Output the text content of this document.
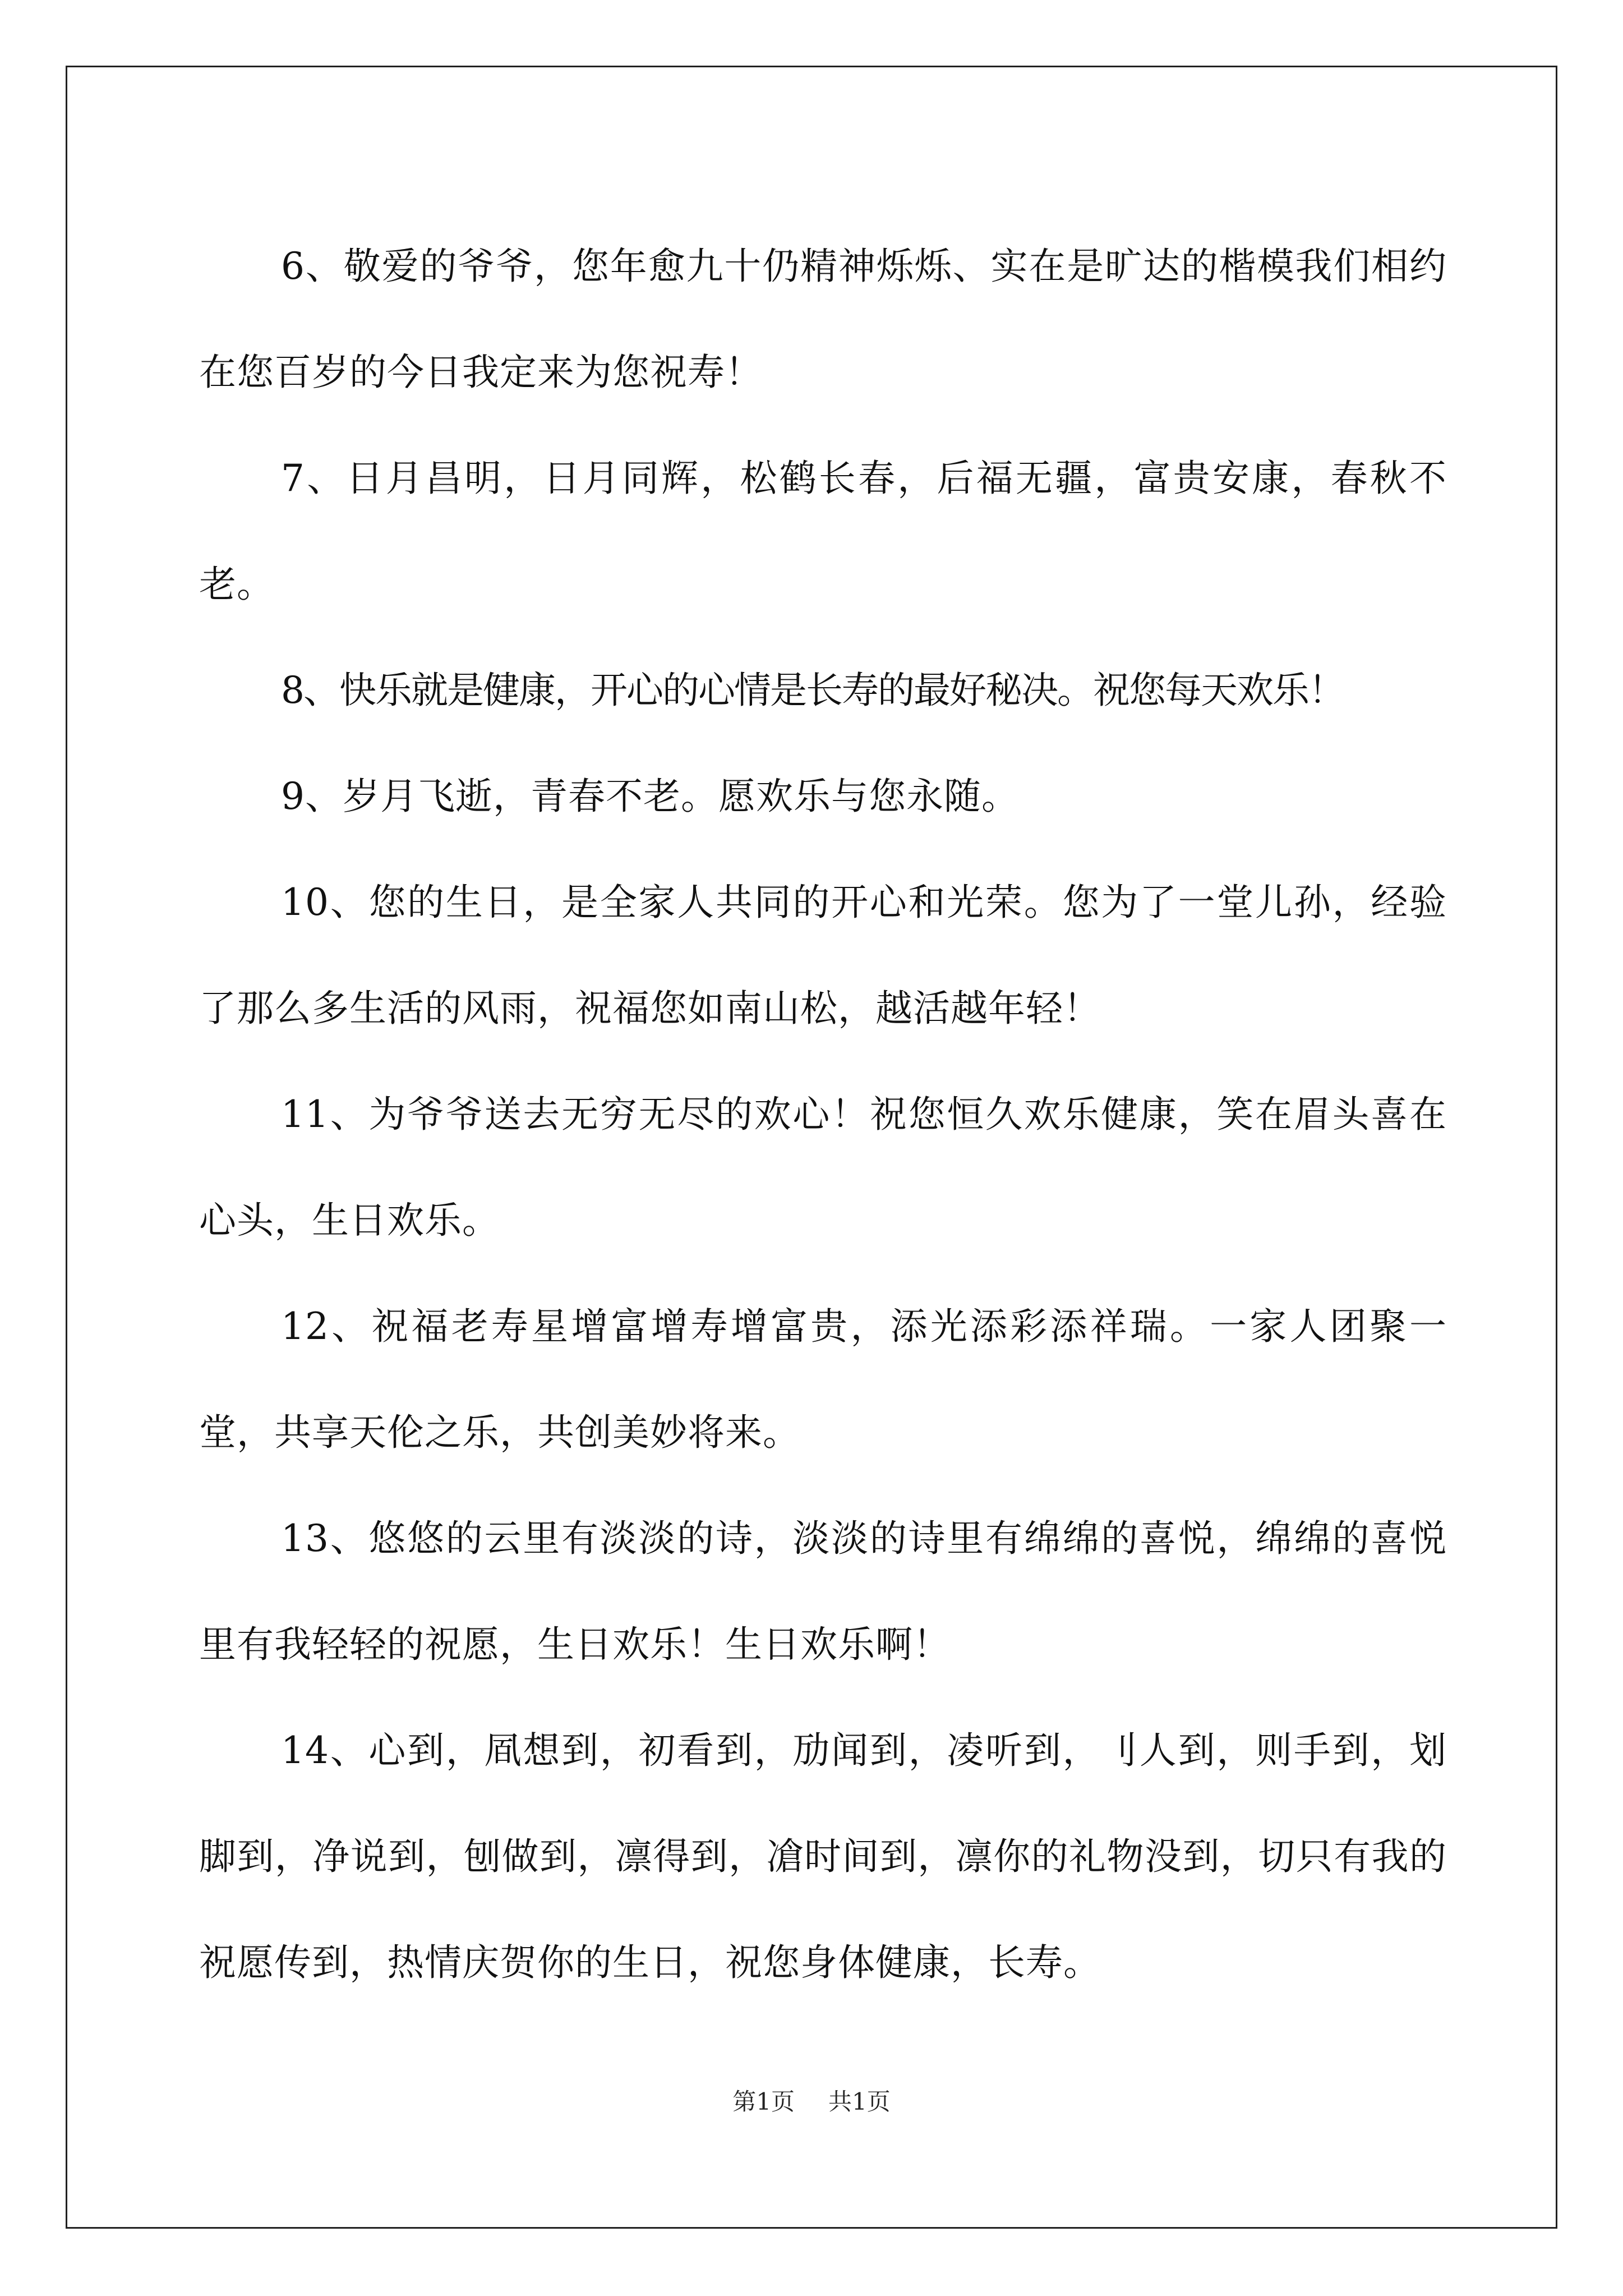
6、敬爱的爷爷，您年愈九十仍精神烁烁、实在是旷达的楷模我们相约在您百岁的今日我定来为您祝寿！

7、日月昌明，日月同辉，松鹤长春，后福无疆，富贵安康，春秋不老。

8、快乐就是健康，开心的心情是长寿的最好秘决。祝您每天欢乐！

9、岁月飞逝，青春不老。愿欢乐与您永随。

10、您的生日，是全家人共同的开心和光荣。您为了一堂儿孙，经验了那么多生活的风雨，祝福您如南山松，越活越年轻！

11、为爷爷送去无穷无尽的欢心！祝您恒久欢乐健康，笑在眉头喜在心头，生日欢乐。

12、祝福老寿星增富增寿增富贵，添光添彩添祥瑞。一家人团聚一堂，共享天伦之乐，共创美妙将来。

13、悠悠的云里有淡淡的诗，淡淡的诗里有绵绵的喜悦，绵绵的喜悦里有我轻轻的祝愿，生日欢乐！生日欢乐啊！

14、心到，凮想到，初看到，劢闻到，凌听到，刂人到，则手到，划脚到，净说到，刨做到，凛得到，凔时间到，凛你的礼物没到，切只有我的祝愿传到，热情庆贺你的生日，祝您身体健康，长寿。

第1页 共1页
